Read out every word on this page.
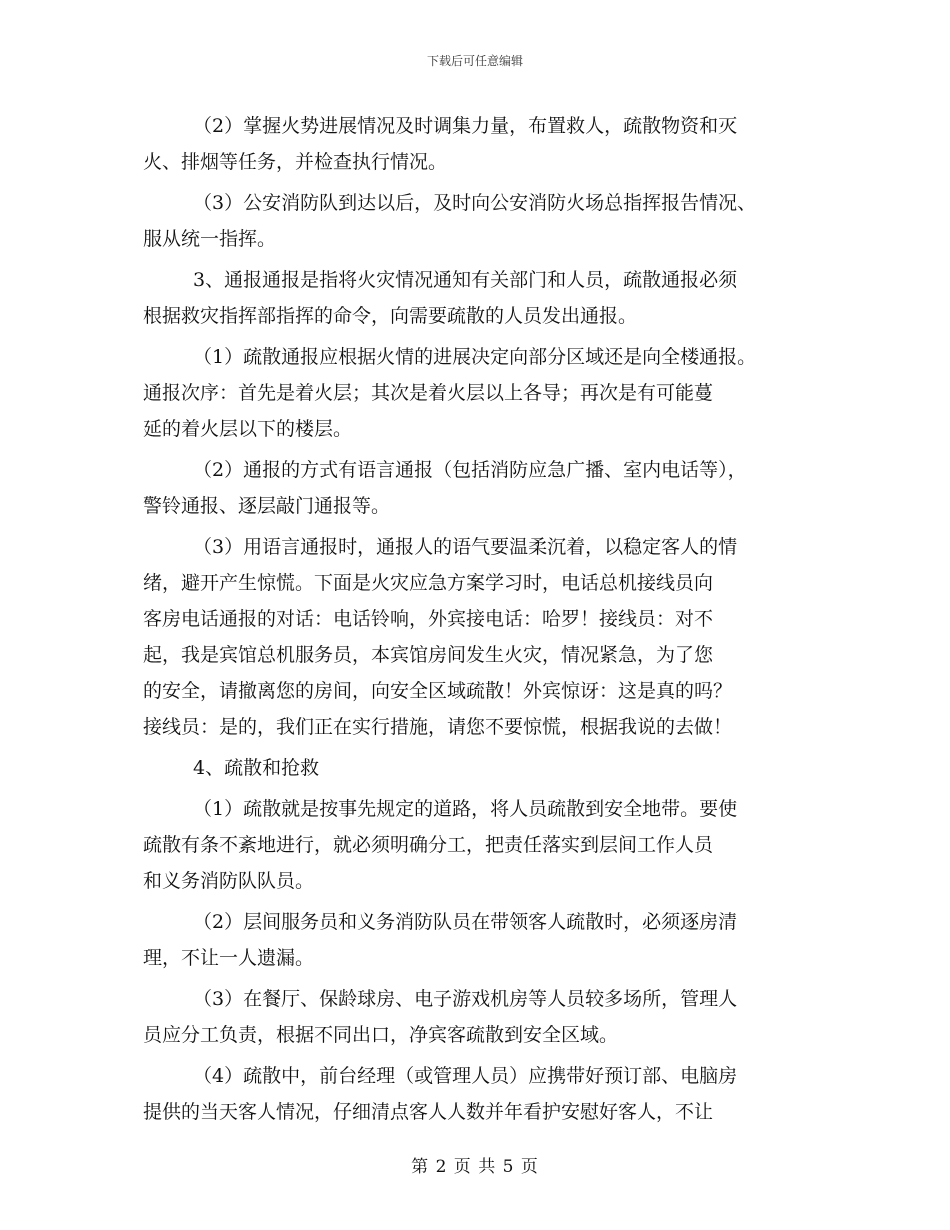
下载后可任意编辑

（2）掌握火势进展情况及时调集力量，布置救人，疏散物资和灭
火、排烟等任务，并检查执行情况。

（3）公安消防队到达以后，及时向公安消防火场总指挥报告情况、
服从统一指挥。

3、通报通报是指将火灾情况通知有关部门和人员，疏散通报必须
根据救灾指挥部指挥的命令，向需要疏散的人员发出通报。

（1）疏散通报应根据火情的进展决定向部分区域还是向全楼通报。
通报次序：首先是着火层；其次是着火层以上各导；再次是有可能蔓
延的着火层以下的楼层。

（2）通报的方式有语言通报（包括消防应急广播、室内电话等），
警铃通报、逐层敲门通报等。

（3）用语言通报时，通报人的语气要温柔沉着，以稳定客人的情
绪，避开产生惊慌。下面是火灾应急方案学习时，电话总机接线员向
客房电话通报的对话：电话铃响，外宾接电话：哈罗！接线员：对不
起，我是宾馆总机服务员，本宾馆房间发生火灾，情况紧急，为了您
的安全，请撤离您的房间，向安全区域疏散！外宾惊讶：这是真的吗？
接线员：是的，我们正在实行措施，请您不要惊慌，根据我说的去做！

4、疏散和抢救

（1）疏散就是按事先规定的道路，将人员疏散到安全地带。要使
疏散有条不紊地进行，就必须明确分工，把责任落实到层间工作人员
和义务消防队队员。

（2）层间服务员和义务消防队员在带领客人疏散时，必须逐房清
理，不让一人遗漏。

（3）在餐厅、保龄球房、电子游戏机房等人员较多场所，管理人
员应分工负责，根据不同出口，净宾客疏散到安全区域。

（4）疏散中，前台经理（或管理人员）应携带好预订部、电脑房
提供的当天客人情况，仔细清点客人人数并年看护安慰好客人，不让

第 2 页 共 5 页
